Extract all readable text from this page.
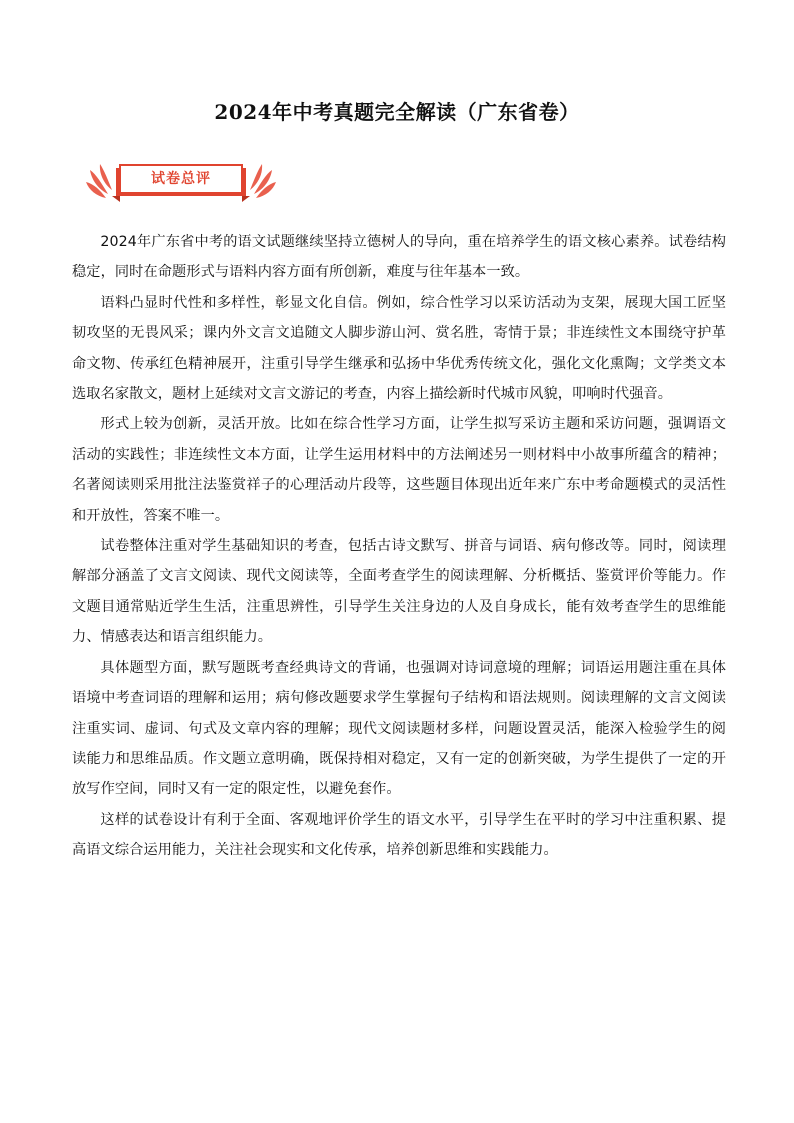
2024年中考真题完全解读（广东省卷）
试卷总评

2024年广东省中考的语文试题继续坚持立德树人的导向，重在培养学生的语文核心素养。试卷结构稳定，同时在命题形式与语料内容方面有所创新，难度与往年基本一致。

语料凸显时代性和多样性，彰显文化自信。例如，综合性学习以采访活动为支架，展现大国工匠坚韧攻坚的无畏风采；课内外文言文追随文人脚步游山河、赏名胜，寄情于景；非连续性文本围绕守护革命文物、传承红色精神展开，注重引导学生继承和弘扬中华优秀传统文化，强化文化熏陶；文学类文本选取名家散文，题材上延续对文言文游记的考查，内容上描绘新时代城市风貌，叩响时代强音。

形式上较为创新，灵活开放。比如在综合性学习方面，让学生拟写采访主题和采访问题，强调语文活动的实践性；非连续性文本方面，让学生运用材料中的方法阐述另一则材料中小故事所蕴含的精神；名著阅读则采用批注法鉴赏祥子的心理活动片段等，这些题目体现出近年来广东中考命题模式的灵活性和开放性，答案不唯一。

试卷整体注重对学生基础知识的考查，包括古诗文默写、拼音与词语、病句修改等。同时，阅读理解部分涵盖了文言文阅读、现代文阅读等，全面考查学生的阅读理解、分析概括、鉴赏评价等能力。作文题目通常贴近学生生活，注重思辨性，引导学生关注身边的人及自身成长，能有效考查学生的思维能力、情感表达和语言组织能力。

具体题型方面，默写题既考查经典诗文的背诵，也强调对诗词意境的理解；词语运用题注重在具体语境中考查词语的理解和运用；病句修改题要求学生掌握句子结构和语法规则。阅读理解的文言文阅读注重实词、虚词、句式及文章内容的理解；现代文阅读题材多样，问题设置灵活，能深入检验学生的阅读能力和思维品质。作文题立意明确，既保持相对稳定，又有一定的创新突破，为学生提供了一定的开放写作空间，同时又有一定的限定性，以避免套作。

这样的试卷设计有利于全面、客观地评价学生的语文水平，引导学生在平时的学习中注重积累、提高语文综合运用能力，关注社会现实和文化传承，培养创新思维和实践能力。
